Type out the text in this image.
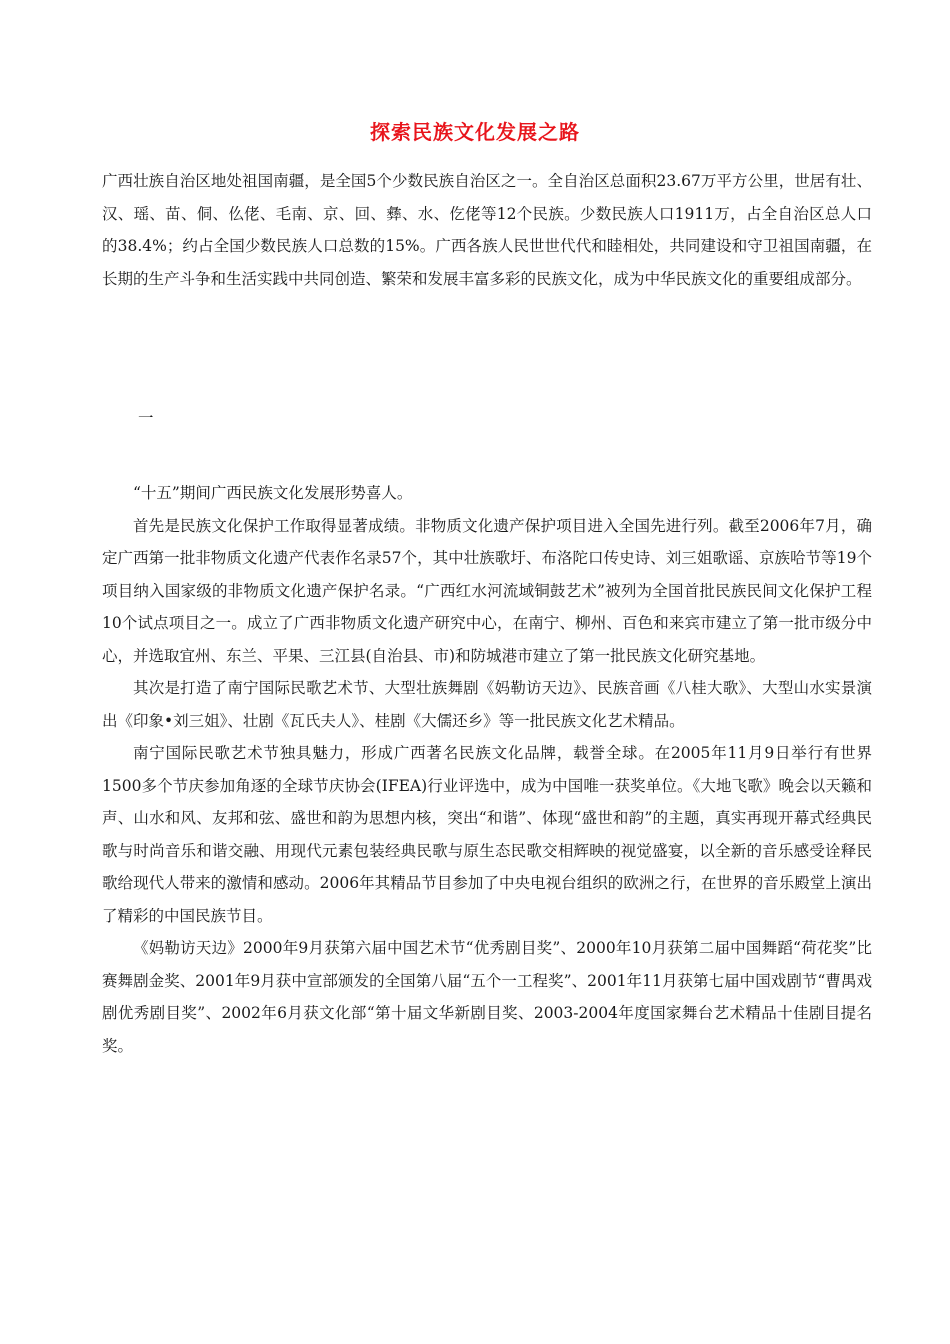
探索民族文化发展之路

广西壮族自治区地处祖国南疆，是全国5个少数民族自治区之一。全自治区总面积23.67万平方公里，世居有壮、汉、瑶、苗、侗、仫佬、毛南、京、回、彝、水、仡佬等12个民族。少数民族人口1911万，占全自治区总人口的38.4%；约占全国少数民族人口总数的15%。广西各族人民世世代代和睦相处，共同建设和守卫祖国南疆，在长期的生产斗争和生活实践中共同创造、繁荣和发展丰富多彩的民族文化，成为中华民族文化的重要组成部分。

一

“十五”期间广西民族文化发展形势喜人。

首先是民族文化保护工作取得显著成绩。非物质文化遗产保护项目进入全国先进行列。截至2006年7月，确定广西第一批非物质文化遗产代表作名录57个，其中壮族歌圩、布洛陀口传史诗、刘三姐歌谣、京族哈节等19个项目纳入国家级的非物质文化遗产保护名录。“广西红水河流域铜鼓艺术”被列为全国首批民族民间文化保护工程10个试点项目之一。成立了广西非物质文化遗产研究中心，在南宁、柳州、百色和来宾市建立了第一批市级分中心，并选取宜州、东兰、平果、三江县(自治县、市)和防城港市建立了第一批民族文化研究基地。

其次是打造了南宁国际民歌艺术节、大型壮族舞剧《妈勒访天边》、民族音画《八桂大歌》、大型山水实景演出《印象•刘三姐》、壮剧《瓦氏夫人》、桂剧《大儒还乡》等一批民族文化艺术精品。

南宁国际民歌艺术节独具魅力，形成广西著名民族文化品牌，载誉全球。在2005年11月9日举行有世界1500多个节庆参加角逐的全球节庆协会(IFEA)行业评选中，成为中国唯一获奖单位。《大地飞歌》晚会以天籁和声、山水和风、友邦和弦、盛世和韵为思想内核，突出“和谐”、体现“盛世和韵”的主题，真实再现开幕式经典民歌与时尚音乐和谐交融、用现代元素包装经典民歌与原生态民歌交相辉映的视觉盛宴，以全新的音乐感受诠释民歌给现代人带来的激情和感动。2006年其精品节目参加了中央电视台组织的欧洲之行，在世界的音乐殿堂上演出了精彩的中国民族节目。

《妈勒访天边》2000年9月获第六届中国艺术节“优秀剧目奖”、2000年10月获第二届中国舞蹈“荷花奖”比赛舞剧金奖、2001年9月获中宣部颁发的全国第八届“五个一工程奖”、2001年11月获第七届中国戏剧节“曹禺戏剧优秀剧目奖”、2002年6月获文化部“第十届文华新剧目奖、2003-2004年度国家舞台艺术精品十佳剧目提名奖。
